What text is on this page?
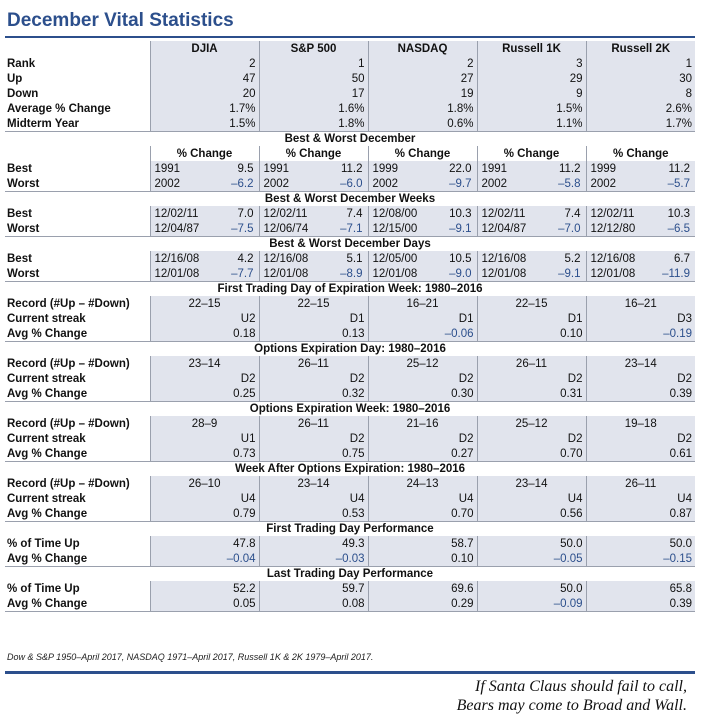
December Vital Statistics
	DJIA	S&P 500	NASDAQ	Russell 1K	Russell 2K
Rank	2	1	2	3	1
Up	47	50	27	29	30
Down	20	17	19	9	8
Average % Change	1.7%	1.6%	1.8%	1.5%	2.6%
Midterm Year	1.5%	1.8%	0.6%	1.1%	1.7%
Best & Worst December					
	% Change	% Change	% Change	% Change	% Change
Best	1991 9.5	1991 11.2	1999 22.0	1991 11.2	1999 11.2

Worst	2002 –6.2	2002 –6.0	2002 –9.7	2002 –5.8	2002 –5.7

Best & Worst December Weeks					
Best	12/02/11 7.0	12/02/11 7.4	12/08/00 10.3	12/02/11 7.4	12/02/11 10.3

Worst	12/04/87 –7.5	12/06/74 –7.1	12/15/00 –9.1	12/04/87 –7.0	12/12/80 –6.5

Best & Worst December Days					
Best	12/16/08 4.2	12/16/08 5.1	12/05/00 10.5	12/16/08 5.2	12/16/08 6.7

Worst	12/01/08 –7.7	12/01/08 –8.9	12/01/08 –9.0	12/01/08 –9.1	12/01/08 –11.9

First Trading Day of Expiration Week: 1980–2016					
Record (#Up – #Down)	22–15	22–15	16–21	22–15	16–21
Current streak	U2	D1	D1	D1	D3
Avg % Change	0.18	0.13	–0.06	0.10	–0.19
Options Expiration Day: 1980–2016					
Record (#Up – #Down)	23–14	26–11	25–12	26–11	23–14
Current streak	D2	D2	D2	D2	D2
Avg % Change	0.25	0.32	0.30	0.31	0.39
Options Expiration Week: 1980–2016					
Record (#Up – #Down)	28–9	26–11	21–16	25–12	19–18
Current streak	U1	D2	D2	D2	D2
Avg % Change	0.73	0.75	0.27	0.70	0.61
Week After Options Expiration: 1980–2016					
Record (#Up – #Down)	26–10	23–14	24–13	23–14	26–11
Current streak	U4	U4	U4	U4	U4
Avg % Change	0.79	0.53	0.70	0.56	0.87
First Trading Day Performance					
% of Time Up	47.8	49.3	58.7	50.0	50.0
Avg % Change	–0.04	–0.03	0.10	–0.05	–0.15
Last Trading Day Performance					
% of Time Up	52.2	59.7	69.6	50.0	65.8
Avg % Change	0.05	0.08	0.29	–0.09	0.39
Dow & S&P 1950–April 2017, NASDAQ 1971–April 2017, Russell 1K & 2K 1979–April 2017.
If Santa Claus should fail to call,
Bears may come to Broad and Wall.
